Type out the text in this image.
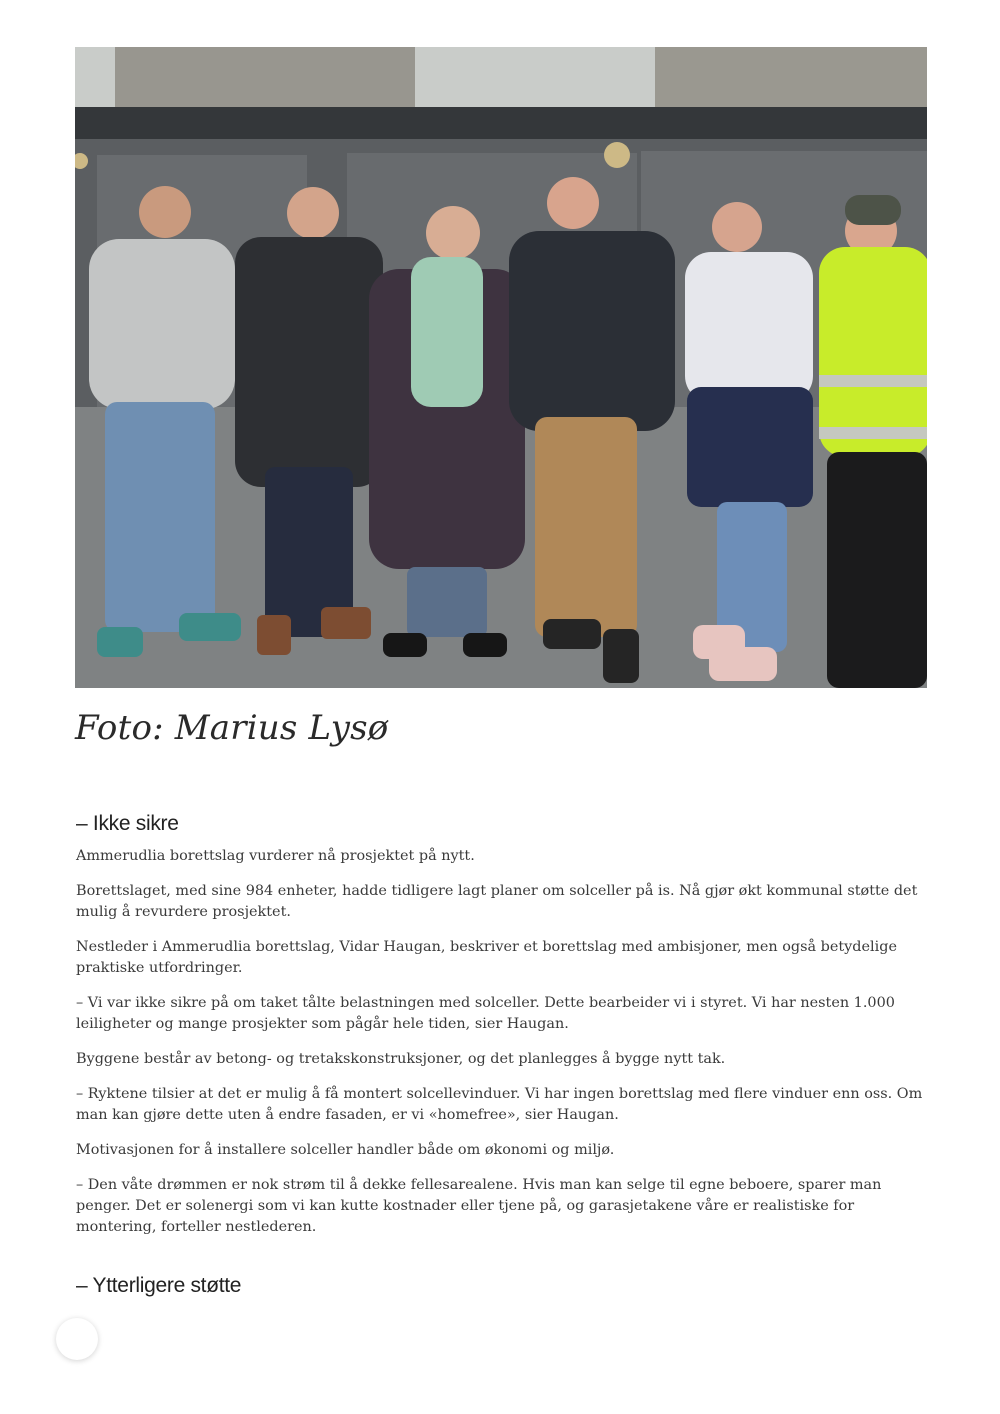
Foto: Marius Lysø
– Ikke sikre

Ammerudlia borettslag vurderer nå prosjektet på nytt.

Borettslaget, med sine 984 enheter, hadde tidligere lagt planer om solceller på is. Nå gjør økt kommunal støtte det mulig å revurdere prosjektet.

Nestleder i Ammerudlia borettslag, Vidar Haugan, beskriver et borettslag med ambisjoner, men også betydelige praktiske utfordringer.

– Vi var ikke sikre på om taket tålte belastningen med solceller. Dette bearbeider vi i styret. Vi har nesten 1.000 leiligheter og mange prosjekter som pågår hele tiden, sier Haugan.

Byggene består av betong- og tretakskonstruksjoner, og det planlegges å bygge nytt tak.

– Ryktene tilsier at det er mulig å få montert solcellevinduer. Vi har ingen borettslag med flere vinduer enn oss. Om man kan gjøre dette uten å endre fasaden, er vi «homefree», sier Haugan.

Motivasjonen for å installere solceller handler både om økonomi og miljø.

– Den våte drømmen er nok strøm til å dekke fellesarealene. Hvis man kan selge til egne beboere, sparer man penger. Det er solenergi som vi kan kutte kostnader eller tjene på, og garasjetakene våre er realistiske for montering, forteller nestlederen.

– Ytterligere støtte
